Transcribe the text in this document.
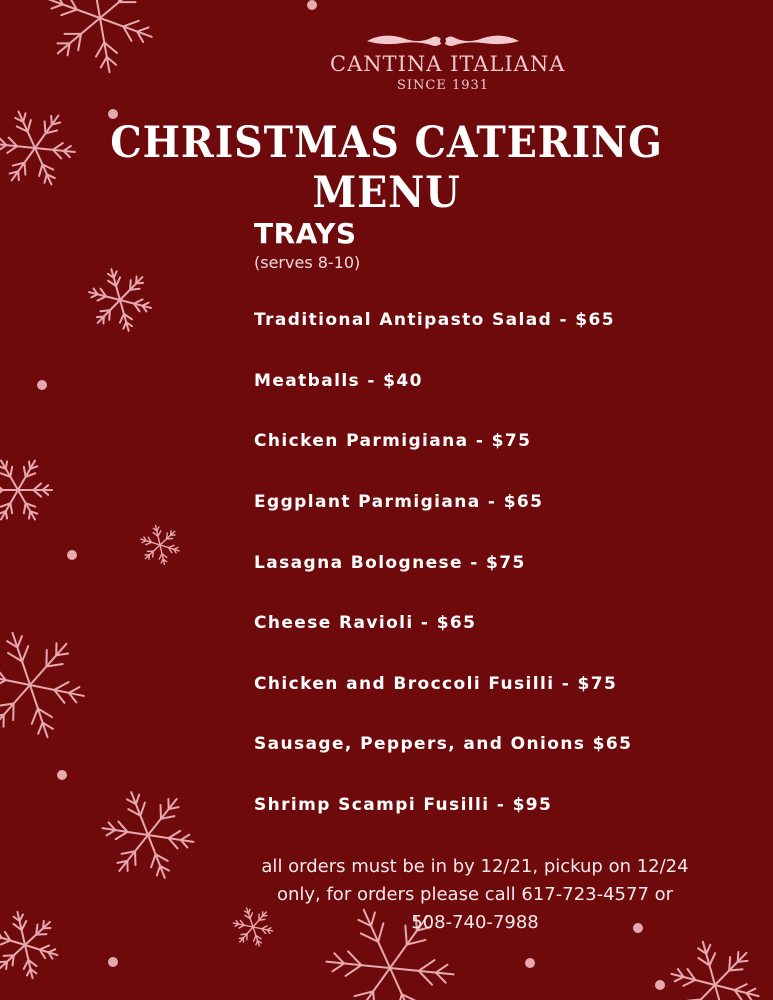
CANTINA ITALIANA
SINCE 1931
CHRISTMAS CATERING MENU
TRAYS
(serves 8-10)
Traditional Antipasto Salad - $65
Meatballs - $40
Chicken Parmigiana - $75
Eggplant Parmigiana - $65
Lasagna Bolognese - $75
Cheese Ravioli - $65
Chicken and Broccoli Fusilli - $75
Sausage, Peppers, and Onions $65
Shrimp Scampi Fusilli - $95
all orders must be in by 12/21, pickup on 12/24
only, for orders please call 617-723-4577 or
508-740-7988
